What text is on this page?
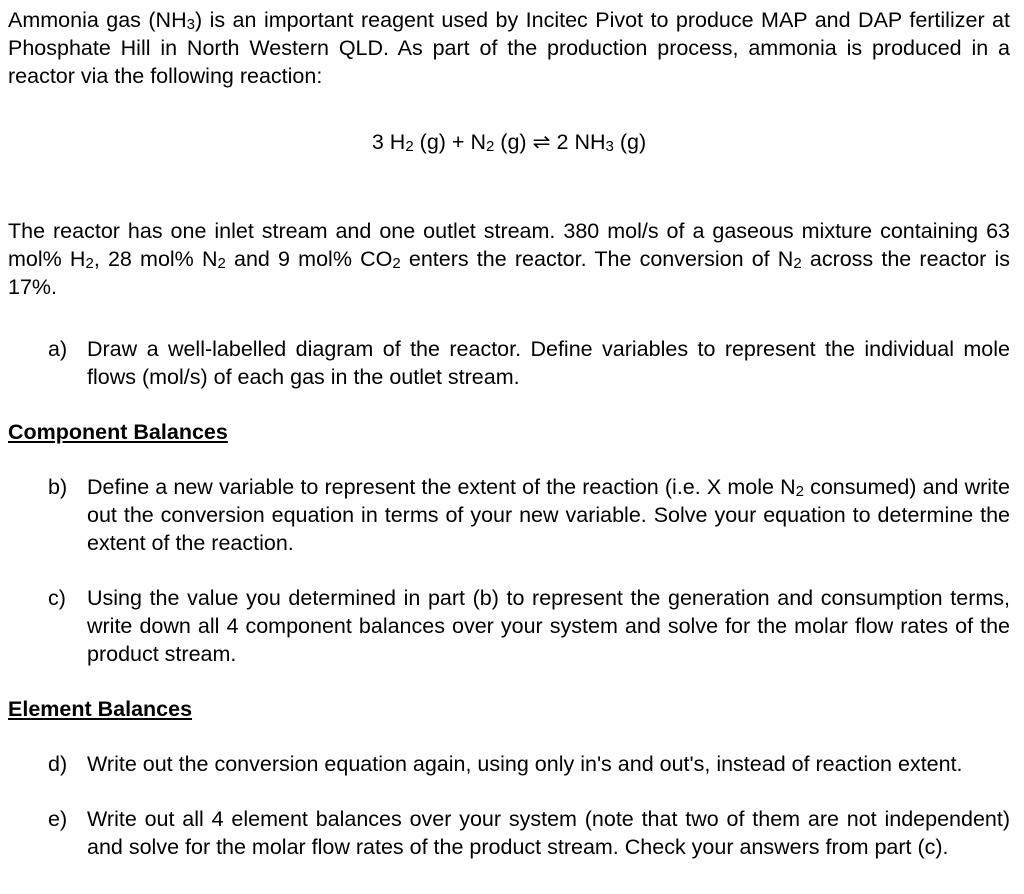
Ammonia gas $(NH_3)$ is an important reagent used by Incitec Pivot to produce MAP and DAP fertilizer at Phosphate Hill in North Western QLD. As part of the production process, ammonia is produced in a reactor via the following reaction:

3 $H_2$ $(g) + N_2$ (g) ⇌ 2 $NH_3$ (g)

The reactor has one inlet stream and one outlet stream. 380 mol/s of a gaseous mixture containing 63 mol% $H_2$, 28 mol% $N_2$ and 9 mol% $CO_2$ enters the reactor. The conversion of $N_2$ across the reactor is 17%.

a) Draw a well-labelled diagram of the reactor. Define variables to represent the individual mole flows (mol/s) of each gas in the outlet stream.
Component Balances
b) Define a new variable to represent the extent of the reaction (i.e. X mole $N_2$ consumed) and write out the conversion equation in terms of your new variable. Solve your equation to determine the extent of the reaction.
c) Using the value you determined in part (b) to represent the generation and consumption terms, write down all 4 component balances over your system and solve for the molar flow rates of the product stream.
Element Balances
d) Write out the conversion equation again, using only in's and out's, instead of reaction extent.
e) Write out all 4 element balances over your system (note that two of them are not independent) and solve for the molar flow rates of the product stream. Check your answers from part (c).
